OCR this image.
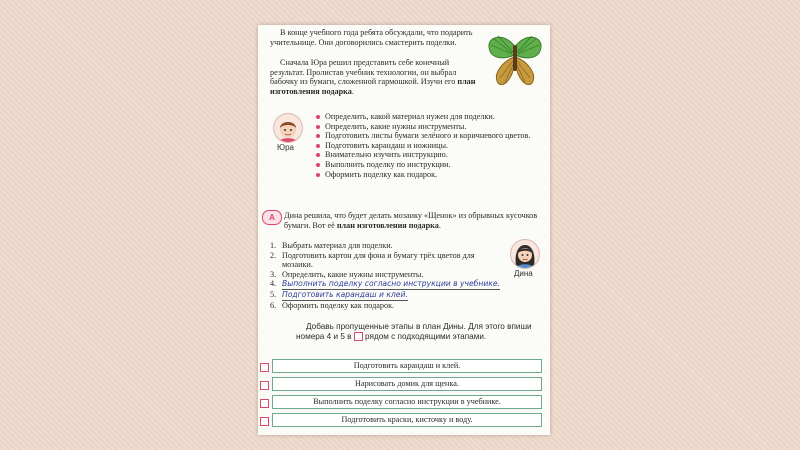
В конце учебного года ребята обсуждали, что подарить учительнице. Они договорились смастерить поделки.

Сначала Юра решил представить себе конечный результат. Пролистав учебник технологии, он выбрал бабочку из бумаги, сложенной гармошкой. Изучи его план изготовления подарка.

Юра
Определить, какой материал нужен для поделки.
Определить, какие нужны инструменты.
Подготовить листы бумаги зелёного и коричневого цветов.
Подготовить карандаш и ножницы.
Внимательно изучить инструкцию.
Выполнить поделку по инструкции.
Оформить поделку как подарок.
А	Дина решила, что будет делать мозаику «Щенок» из обрывных кусочков бумаги. Вот её план изготовления подарка.

1. Выбрать материал для поделки.
2. Подготовить картон для фона и бумагу трёх цветов для мозаики.
3. Определить, какие нужны инструменты.
4. Выполнить поделку согласно инструкции в учебнике.
5. Подготовить карандаш и клей.
6. Оформить поделку как подарок.
Дина
Добавь пропущенные этапы в план Дины. Для этого впиши номера 4 и 5 в  рядом с подходящими этапами.
Подготовить карандаш и клей.
Нарисовать домик для щенка.
Выполнить поделку согласно инструкции в учебнике.
Подготовить краски, кисточку и воду.
